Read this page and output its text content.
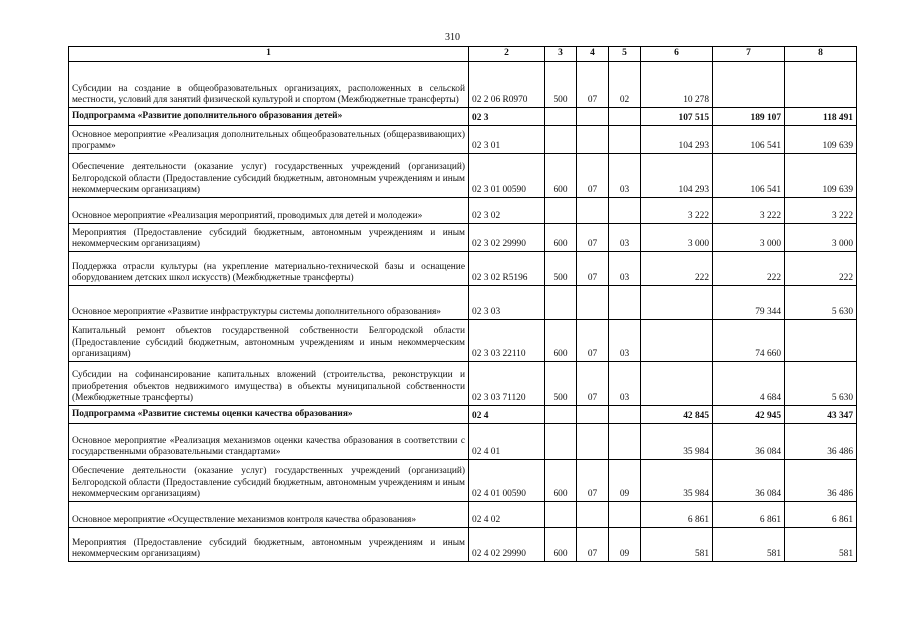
310
1	2	3	4	5	6	7	8
Субсидии на создание в общеобразовательных организациях, расположенных в сельской местности, условий для занятий физической культурой и спортом (Межбюджетные трансферты)	02 2 06 R0970	500	07	02	10 278		
Подпрограмма «Развитие дополнительного образования детей»	02 3				107 515	189 107	118 491
Основное мероприятие «Реализация дополнительных общеобразовательных (общеразвивающих) программ»	02 3 01				104 293	106 541	109 639
Обеспечение деятельности (оказание услуг) государственных учреждений (организаций) Белгородской области (Предоставление субсидий бюджетным, автономным учреждениям и иным некоммерческим организациям)	02 3 01 00590	600	07	03	104 293	106 541	109 639
Основное мероприятие «Реализация мероприятий, проводимых для детей и молодежи»	02 3 02				3 222	3 222	3 222
Мероприятия (Предоставление субсидий бюджетным, автономным учреждениям и иным некоммерческим организациям)	02 3 02 29990	600	07	03	3 000	3 000	3 000
Поддержка отрасли культуры (на укрепление материально-технической базы и оснащение оборудованием детских школ искусств) (Межбюджетные трансферты)	02 3 02 R5196	500	07	03	222	222	222
Основное мероприятие «Развитие инфраструктуры системы дополнительного образования»	02 3 03					79 344	5 630
Капитальный ремонт объектов государственной собственности Белгородской области (Предоставление субсидий бюджетным, автономным учреждениям и иным некоммерческим организациям)	02 3 03 22110	600	07	03		74 660	
Субсидии на софинансирование капитальных вложений (строительства, реконструкции и приобретения объектов недвижимого имущества) в объекты муниципальной собственности (Межбюджетные трансферты)	02 3 03 71120	500	07	03		4 684	5 630
Подпрограмма «Развитие системы оценки качества образования»	02 4				42 845	42 945	43 347
Основное мероприятие «Реализация механизмов оценки качества образования в соответствии с государственными образовательными стандартами»	02 4 01				35 984	36 084	36 486
Обеспечение деятельности (оказание услуг) государственных учреждений (организаций) Белгородской области (Предоставление субсидий бюджетным, автономным учреждениям и иным некоммерческим организациям)	02 4 01 00590	600	07	09	35 984	36 084	36 486
Основное мероприятие «Осуществление механизмов контроля качества образования»	02 4 02				6 861	6 861	6 861
Мероприятия (Предоставление субсидий бюджетным, автономным учреждениям и иным некоммерческим организациям)	02 4 02 29990	600	07	09	581	581	581
